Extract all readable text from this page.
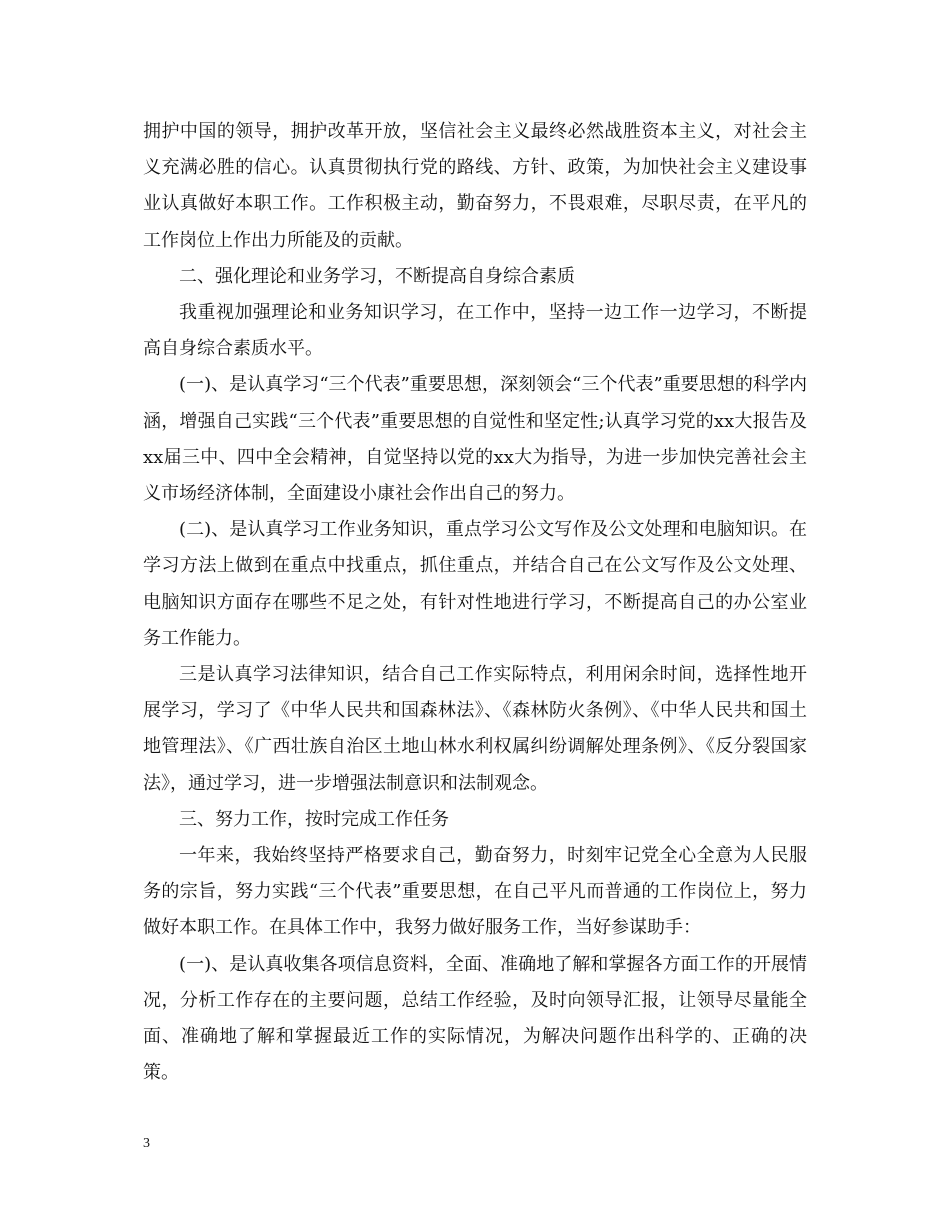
拥护中国的领导，拥护改革开放，坚信社会主义最终必然战胜资本主义，对社会主义充满必胜的信心。认真贯彻执行党的路线、方针、政策，为加快社会主义建设事业认真做好本职工作。工作积极主动，勤奋努力，不畏艰难，尽职尽责，在平凡的工作岗位上作出力所能及的贡献。

二、强化理论和业务学习，不断提高自身综合素质

我重视加强理论和业务知识学习，在工作中，坚持一边工作一边学习，不断提高自身综合素质水平。

(一)、是认真学习“三个代表”重要思想，深刻领会“三个代表”重要思想的科学内涵，增强自己实践“三个代表”重要思想的自觉性和坚定性;认真学习党的xx大报告及xx届三中、四中全会精神，自觉坚持以党的xx大为指导，为进一步加快完善社会主义市场经济体制，全面建设小康社会作出自己的努力。

(二)、是认真学习工作业务知识，重点学习公文写作及公文处理和电脑知识。在学习方法上做到在重点中找重点，抓住重点，并结合自己在公文写作及公文处理、电脑知识方面存在哪些不足之处，有针对性地进行学习，不断提高自己的办公室业务工作能力。

三是认真学习法律知识，结合自己工作实际特点，利用闲余时间，选择性地开展学习，学习了《中华人民共和国森林法》、《森林防火条例》、《中华人民共和国土地管理法》、《广西壮族自治区土地山林水利权属纠纷调解处理条例》、《反分裂国家法》，通过学习，进一步增强法制意识和法制观念。

三、努力工作，按时完成工作任务

一年来，我始终坚持严格要求自己，勤奋努力，时刻牢记党全心全意为人民服务的宗旨，努力实践“三个代表”重要思想，在自己平凡而普通的工作岗位上，努力做好本职工作。在具体工作中，我努力做好服务工作，当好参谋助手：

(一)、是认真收集各项信息资料，全面、准确地了解和掌握各方面工作的开展情况，分析工作存在的主要问题，总结工作经验，及时向领导汇报，让领导尽量能全面、准确地了解和掌握最近工作的实际情况，为解决问题作出科学的、正确的决策。

3
